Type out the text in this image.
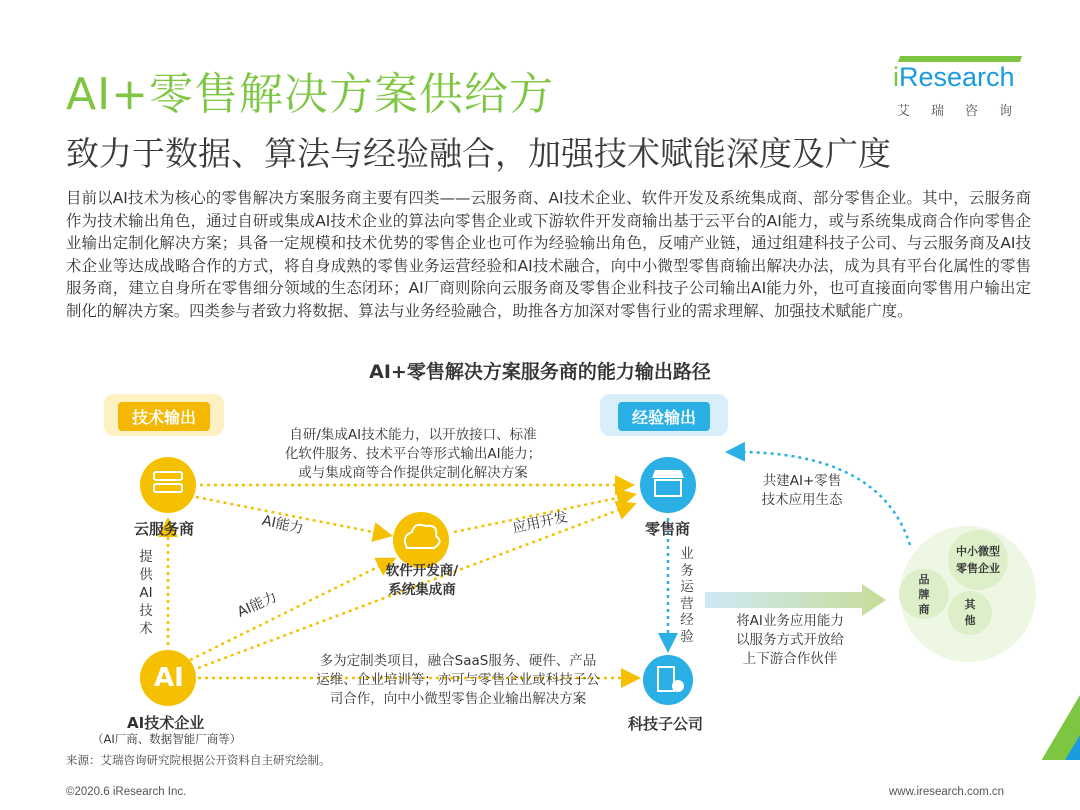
AI+零售解决方案供给方
致力于数据、算法与经验融合，加强技术赋能深度及广度
iResearch
艾瑞咨询

目前以AI技术为核心的零售解决方案服务商主要有四类——云服务商、AI技术企业、软件开发及系统集成商、部分零售企业。其中，云服务商作为技术输出角色，通过自研或集成AI技术企业的算法向零售企业或下游软件开发商输出基于云平台的AI能力，或与系统集成商合作向零售企业输出定制化解决方案；具备一定规模和技术优势的零售企业也可作为经验输出角色，反哺产业链，通过组建科技子公司、与云服务商及AI技术企业等达成战略合作的方式，将自身成熟的零售业务运营经验和AI技术融合，向中小微型零售商输出解决办法，成为具有平台化属性的零售服务商，建立自身所在零售细分领域的生态闭环；AI厂商则除向云服务商及零售企业科技子公司输出AI能力外，也可直接面向零售用户输出定制化的解决方案。四类参与者致力将数据、算法与业务经验融合，助推各方加深对零售行业的需求理解、加强技术赋能广度。

AI+零售解决方案服务商的能力输出路径
技术输出	经验输出
云服务商
软件开发商/
系统集成商
零售商
AI
AI技术企业
（AI厂商、数据智能厂商等）
科技子公司
自研/集成AI技术能力，以开放接口、标准
化软件服务、技术平台等形式输出AI能力；
或与集成商等合作提供定制化解决方案
AI能力	应用开发
AI能力
提
供
AI
技
术
业
务
运
营
经
验
多为定制类项目，融合SaaS服务、硬件、产品
运维、企业培训等；亦可与零售企业或科技子公
司合作，向中小微型零售企业输出解决方案
共建AI+零售
技术应用生态
将AI业务应用能力
以服务方式开放给
上下游合作伙伴
品
牌
商
中小微型
零售企业
其
他
来源：艾瑞咨询研究院根据公开资料自主研究绘制。
©2020.6 iResearch Inc.	www.iresearch.com.cn 37
